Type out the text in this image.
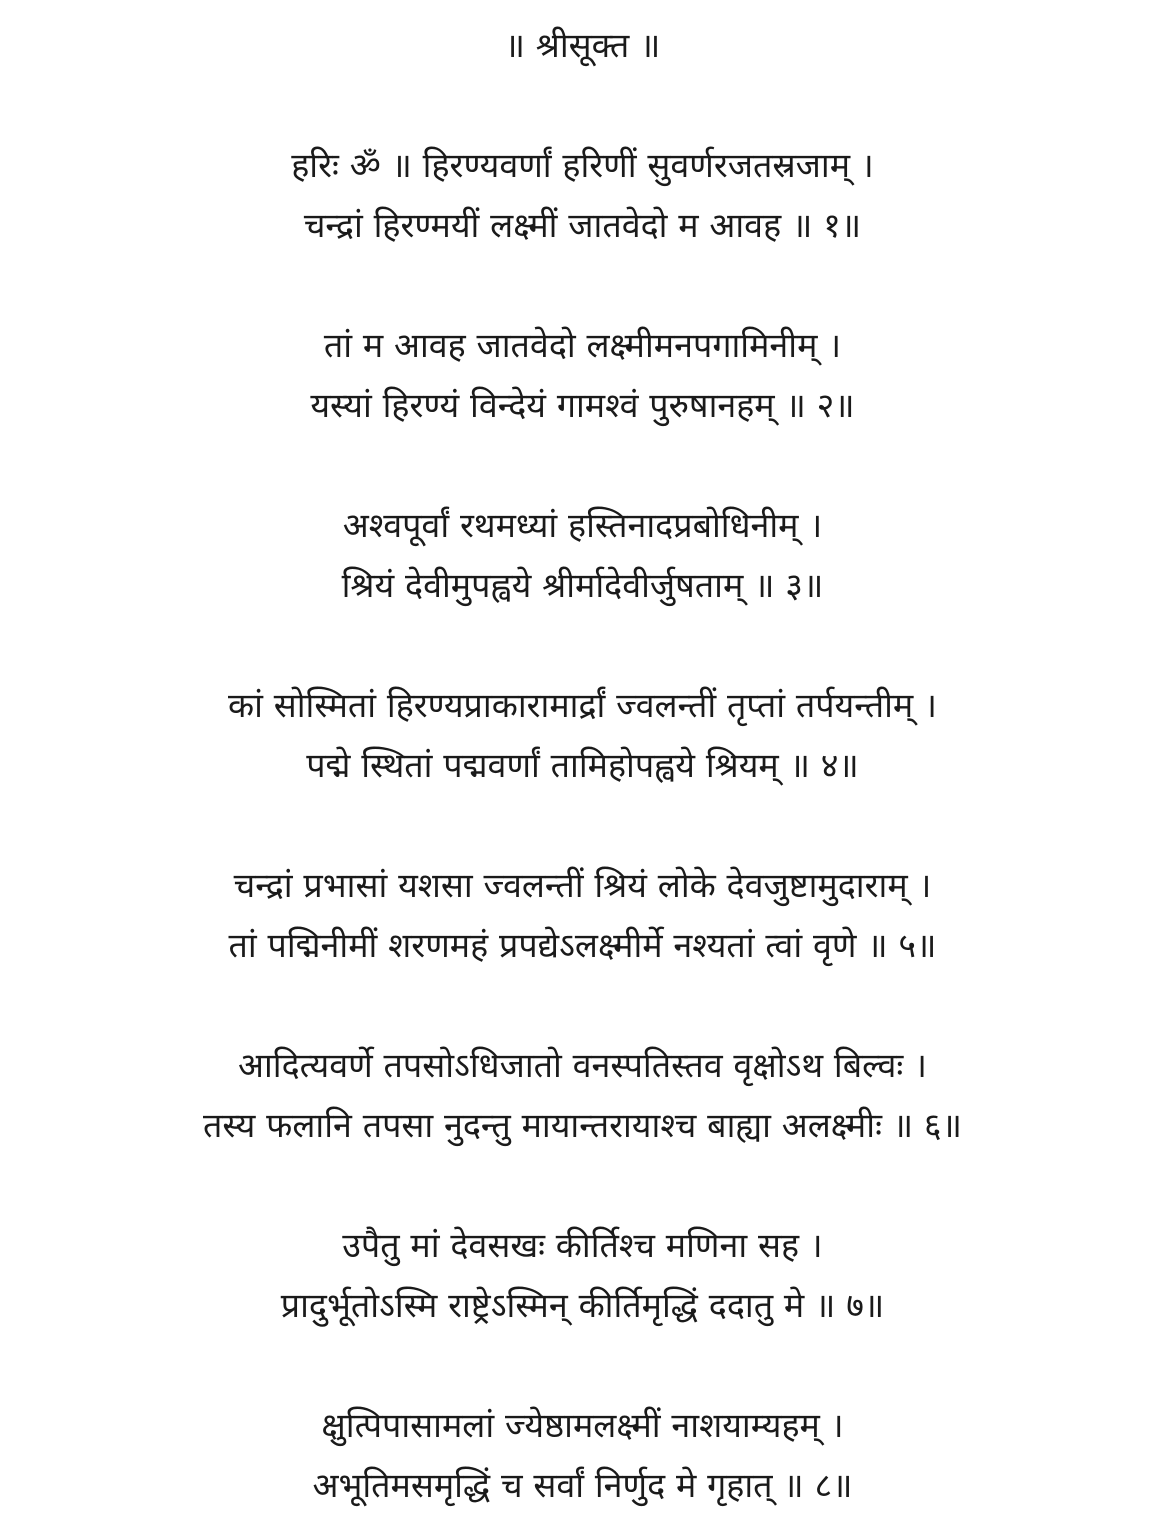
॥ श्रीसूक्त ॥
हरिः ॐ ॥ हिरण्यवर्णां हरिणीं सुवर्णरजतस्रजाम् ।
चन्द्रां हिरण्मयीं लक्ष्मीं जातवेदो म आवह ॥ १॥
तां म आवह जातवेदो लक्ष्मीमनपगामिनीम् ।
यस्यां हिरण्यं विन्देयं गामश्वं पुरुषानहम् ॥ २॥
अश्वपूर्वां रथमध्यां हस्तिनादप्रबोधिनीम् ।
श्रियं देवीमुपह्वये श्रीर्मादेवीर्जुषताम् ॥ ३॥
कां सोस्मितां हिरण्यप्राकारामार्द्रां ज्वलन्तीं तृप्तां तर्पयन्तीम् ।
पद्मे स्थितां पद्मवर्णां तामिहोपह्वये श्रियम् ॥ ४॥
चन्द्रां प्रभासां यशसा ज्वलन्तीं श्रियं लोके देवजुष्टामुदाराम् ।
तां पद्मिनीमीं शरणमहं प्रपद्येऽलक्ष्मीर्मे नश्यतां त्वां वृणे ॥ ५॥
आदित्यवर्णे तपसोऽधिजातो वनस्पतिस्तव वृक्षोऽथ बिल्वः ।
तस्य फलानि तपसा नुदन्तु मायान्तरायाश्च बाह्या अलक्ष्मीः ॥ ६॥
उपैतु मां देवसखः कीर्तिश्च मणिना सह ।
प्रादुर्भूतोऽस्मि राष्ट्रेऽस्मिन् कीर्तिमृद्धिं ददातु मे ॥ ७॥
क्षुत्पिपासामलां ज्येष्ठामलक्ष्मीं नाशयाम्यहम् ।
अभूतिमसमृद्धिं च सर्वां निर्णुद मे गृहात् ॥ ८॥
